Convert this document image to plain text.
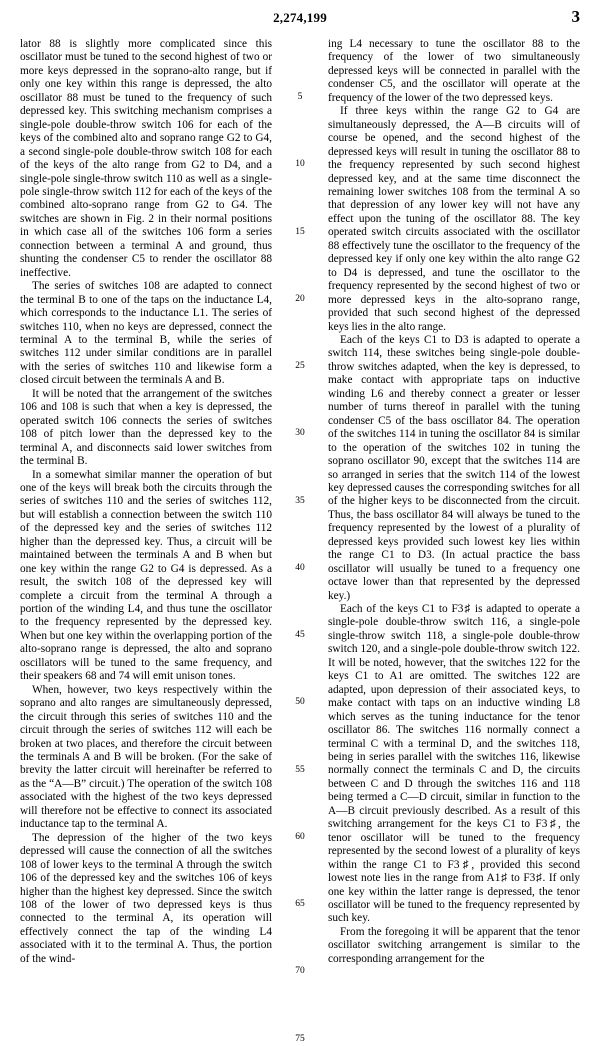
2,274,199	3

lator 88 is slightly more complicated since this oscillator must be tuned to the second highest of two or more keys depressed in the soprano-alto range, but if only one key within this range is depressed, the alto oscillator 88 must be tuned to the frequency of such depressed key. This switching mechanism comprises a single-pole double-throw switch 106 for each of the keys of the combined alto and soprano range G2 to G4, a second single-pole double-throw switch 108 for each of the keys of the alto range from G2 to D4, and a single-pole single-throw switch 110 as well as a single-pole single-throw switch 112 for each of the keys of the combined alto-soprano range from G2 to G4. The switches are shown in Fig. 2 in their normal positions in which case all of the switches 106 form a series connection between a terminal A and ground, thus shunting the condenser C5 to render the oscillator 88 ineffective.

The series of switches 108 are adapted to connect the terminal B to one of the taps on the inductance L4, which corresponds to the inductance L1. The series of switches 110, when no keys are depressed, connect the terminal A to the terminal B, while the series of switches 112 under similar conditions are in parallel with the series of switches 110 and likewise form a closed circuit between the terminals A and B.

It will be noted that the arrangement of the switches 106 and 108 is such that when a key is depressed, the operated switch 106 connects the series of switches 108 of pitch lower than the depressed key to the terminal A, and disconnects said lower switches from the terminal B.

In a somewhat similar manner the operation of but one of the keys will break both the circuits through the series of switches 110 and the series of switches 112, but will establish a connection between the switch 110 of the depressed key and the series of switches 112 higher than the depressed key. Thus, a circuit will be maintained between the terminals A and B when but one key within the range G2 to G4 is depressed. As a result, the switch 108 of the depressed key will complete a circuit from the terminal A through a portion of the winding L4, and thus tune the oscillator to the frequency represented by the depressed key. When but one key within the overlapping portion of the alto-soprano range is depressed, the alto and soprano oscillators will be tuned to the same frequency, and their speakers 68 and 74 will emit unison tones.

When, however, two keys respectively within the soprano and alto ranges are simultaneously depressed, the circuit through this series of switches 110 and the circuit through the series of switches 112 will each be broken at two places, and therefore the circuit between the terminals A and B will be broken. (For the sake of brevity the latter circuit will hereinafter be referred to as the “A—B” circuit.) The operation of the switch 108 associated with the highest of the two keys depressed will therefore not be effective to connect its associated inductance tap to the terminal A.

The depression of the higher of the two keys depressed will cause the connection of all the switches 108 of lower keys to the terminal A through the switch 106 of the depressed key and the switches 106 of keys higher than the highest key depressed. Since the switch 108 of the lower of two depressed keys is thus connected to the terminal A, its operation will effectively connect the tap of the winding L4 associated with it to the terminal A. Thus, the portion of the wind-

5
10
15
20
25
30
35
40
45
50
55
60
65
70
75

ing L4 necessary to tune the oscillator 88 to the frequency of the lower of two simultaneously depressed keys will be connected in parallel with the condenser C5, and the oscillator will operate at the frequency of the lower of the two depressed keys.

If three keys within the range G2 to G4 are simultaneously depressed, the A—B circuits will of course be opened, and the second highest of the depressed keys will result in tuning the oscillator 88 to the frequency represented by such second highest depressed key, and at the same time disconnect the remaining lower switches 108 from the terminal A so that depression of any lower key will not have any effect upon the tuning of the oscillator 88. The key operated switch circuits associated with the oscillator 88 effectively tune the oscillator to the frequency of the depressed key if only one key within the alto range G2 to D4 is depressed, and tune the oscillator to the frequency represented by the second highest of two or more depressed keys in the alto-soprano range, provided that such second highest of the depressed keys lies in the alto range.

Each of the keys C1 to D3 is adapted to operate a switch 114, these switches being single-pole double-throw switches adapted, when the key is depressed, to make contact with appropriate taps on inductive winding L6 and thereby connect a greater or lesser number of turns thereof in parallel with the tuning condenser C5 of the bass oscillator 84. The operation of the switches 114 in tuning the oscillator 84 is similar to the operation of the switches 102 in tuning the soprano oscillator 90, except that the switches 114 are so arranged in series that the switch 114 of the lowest key depressed causes the corresponding switches for all of the higher keys to be disconnected from the circuit. Thus, the bass oscillator 84 will always be tuned to the frequency represented by the lowest of a plurality of depressed keys provided such lowest key lies within the range C1 to D3. (In actual practice the bass oscillator will usually be tuned to a frequency one octave lower than that represented by the depressed key.)

Each of the keys C1 to F3♯ is adapted to operate a single-pole double-throw switch 116, a single-pole single-throw switch 118, a single-pole double-throw switch 120, and a single-pole double-throw switch 122. It will be noted, however, that the switches 122 for the keys C1 to A1 are omitted. The switches 122 are adapted, upon depression of their associated keys, to make contact with taps on an inductive winding L8 which serves as the tuning inductance for the tenor oscillator 86. The switches 116 normally connect a terminal C with a terminal D, and the switches 118, being in series parallel with the switches 116, likewise normally connect the terminals C and D, the circuits between C and D through the switches 116 and 118 being termed a C—D circuit, similar in function to the A—B circuit previously described. As a result of this switching arrangement for the keys C1 to F3♯, the tenor oscillator will be tuned to the frequency represented by the second lowest of a plurality of keys within the range C1 to F3♯, provided this second lowest note lies in the range from A1♯ to F3♯. If only one key within the latter range is depressed, the tenor oscillator will be tuned to the frequency represented by such key.

From the foregoing it will be apparent that the tenor oscillator switching arrangement is similar to the corresponding arrangement for the
